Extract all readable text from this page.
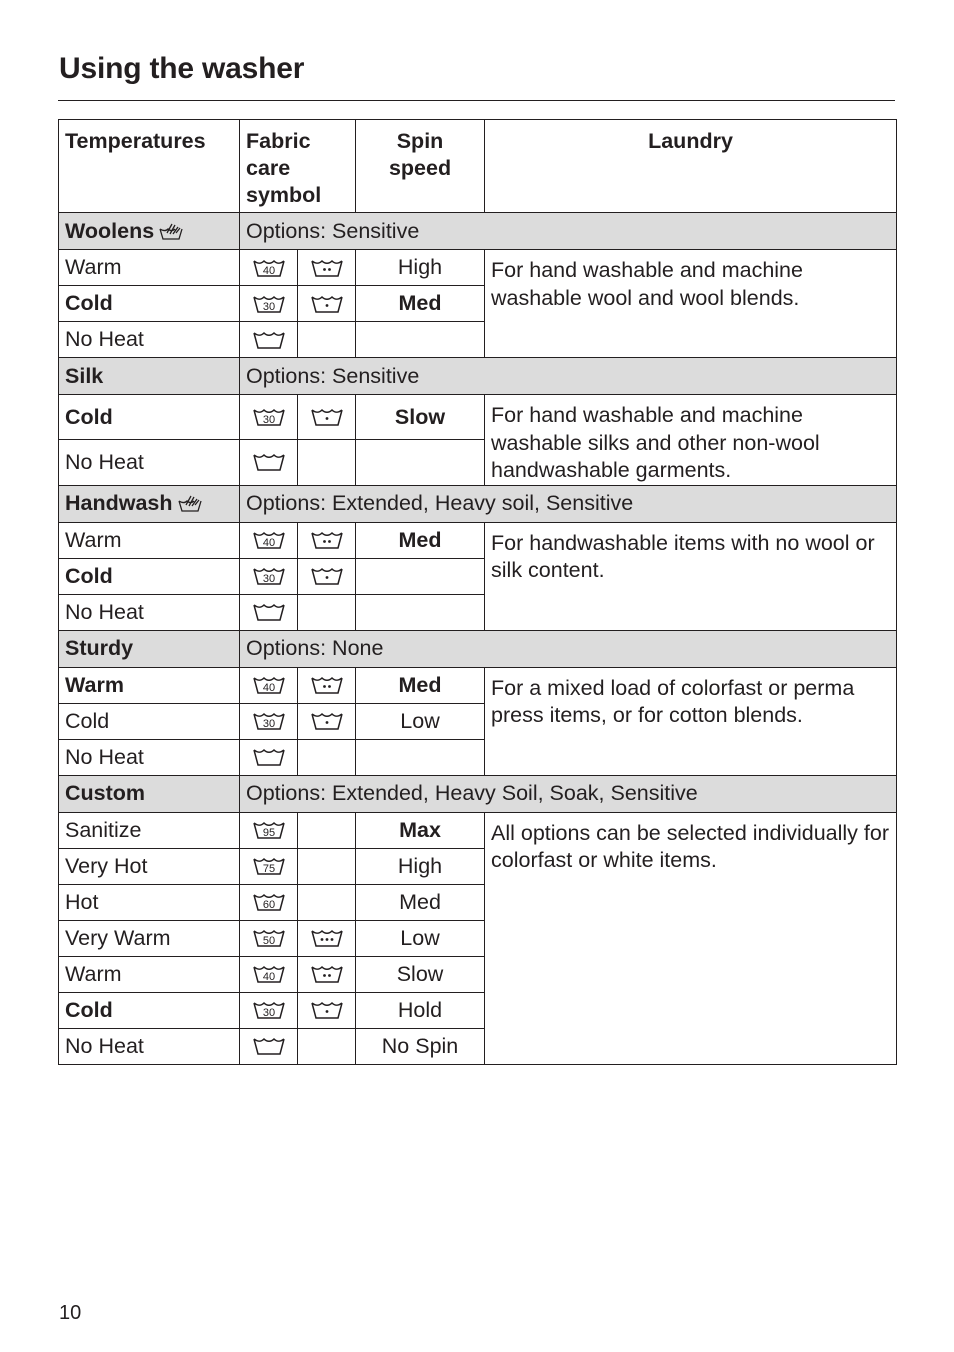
Using the washer
Temperatures	Fabric care symbol		Spin speed	Laundry
Woolens	Options: Sensitive			
Warm	40		High	For hand washable and machine washable wool and wool blends.
Cold	30		Med	
No Heat	

Silk	Options: Sensitive			
Cold	30		Slow	For hand washable and machine washable silks and other non-wool handwashable garments.
No Heat	

Handwash	Options: Extended, Heavy soil, Sensitive			
Warm	40		Med	For handwashable items with no wool or silk content.
Cold	30

No Heat	

Sturdy	Options: None			
Warm	40		Med	For a mixed load of colorfast or perma press items, or for cotton blends.
Cold	30		Low	
No Heat	

Custom	Options: Extended, Heavy Soil, Soak, Sensitive			
Sanitize	95		Max	All options can be selected individually for colorfast or white items.
Very Hot	75		High	
Hot	60		Med	
Very Warm	50		Low	
Warm	40		Slow	
Cold	30		Hold	
No Heat			No Spin	
10
